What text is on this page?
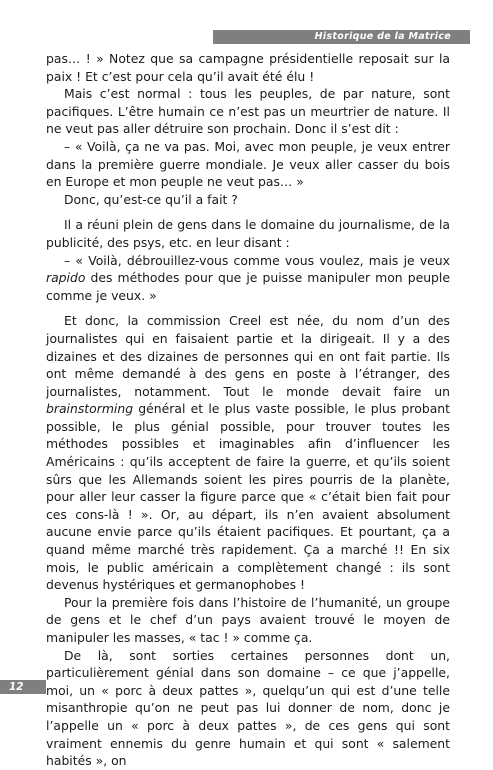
Historique de la Matrice

pas… ! » Notez que sa campagne présidentielle reposait sur la paix ! Et c’est pour cela qu’il avait été élu !

Mais c’est normal : tous les peuples, de par nature, sont pacifiques. L’être humain ce n’est pas un meurtrier de nature. Il ne veut pas aller détruire son prochain. Donc il s’est dit :

– « Voilà, ça ne va pas. Moi, avec mon peuple, je veux entrer dans la première guerre mondiale. Je veux aller casser du bois en Europe et mon peuple ne veut pas… »

Donc, qu’est-ce qu’il a fait ?

Il a réuni plein de gens dans le domaine du journalisme, de la publicité, des psys, etc. en leur disant :

– « Voilà, débrouillez-vous comme vous voulez, mais je veux rapido des méthodes pour que je puisse manipuler mon peuple comme je veux. »

Et donc, la commission Creel est née, du nom d’un des journalistes qui en faisaient partie et la dirigeait. Il y a des dizaines et des dizaines de personnes qui en ont fait partie. Ils ont même demandé à des gens en poste à l’étranger, des journalistes, notamment. Tout le monde devait faire un brainstorming général et le plus vaste possible, le plus probant possible, le plus génial possible, pour trouver toutes les méthodes possibles et imaginables afin d’influencer les Américains : qu’ils acceptent de faire la guerre, et qu’ils soient sûrs que les Allemands soient les pires pourris de la planète, pour aller leur casser la figure parce que « c’était bien fait pour ces cons-là ! ». Or, au départ, ils n’en avaient absolument aucune envie parce qu’ils étaient pacifiques. Et pourtant, ça a quand même marché très rapidement. Ça a marché !! En six mois, le public américain a complètement changé : ils sont devenus hystériques et germanophobes !

Pour la première fois dans l’histoire de l’humanité, un groupe de gens et le chef d’un pays avaient trouvé le moyen de manipuler les masses, « tac ! » comme ça.

De là, sont sorties certaines personnes dont un, particulièrement génial dans son domaine – ce que j’appelle, moi, un « porc à deux pattes », quelqu’un qui est d’une telle misanthropie qu’on ne peut pas lui donner de nom, donc je l’appelle un « porc à deux pattes », de ces gens qui sont vraiment ennemis du genre humain et qui sont « salement habités », on

12
